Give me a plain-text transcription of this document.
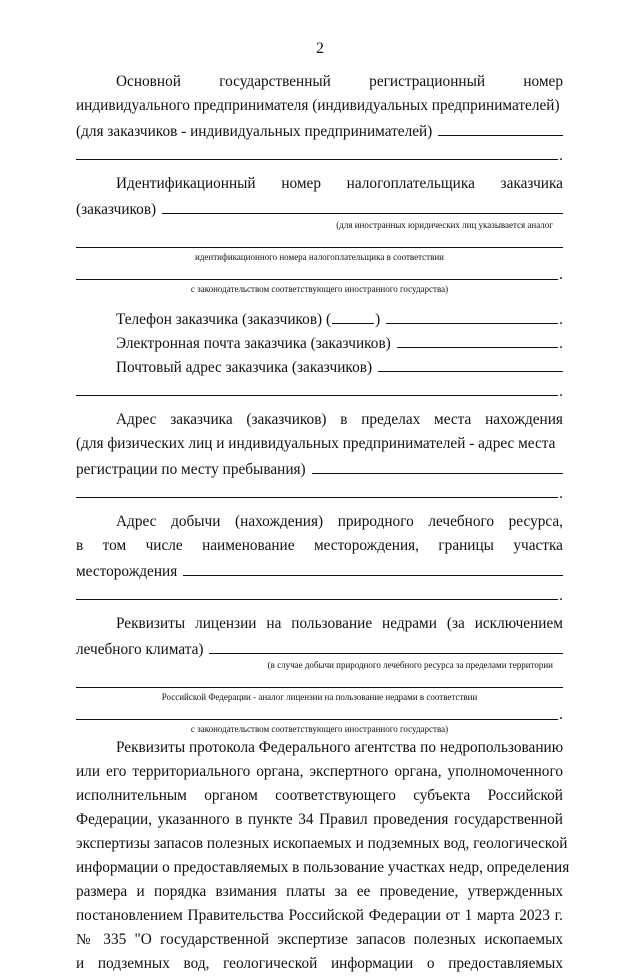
2
Основной	государственный	регистрационный	номер
индивидуального предпринимателя (индивидуальных предпринимателей)
(для заказчиков - индивидуальных предпринимателей)
.
Идентификационный номер налогоплательщика заказчика
(заказчиков)
(для иностранных юридических лиц указывается аналог
идентификационного номера налогоплательщика в соответствии
.
с законодательством соответствующего иностранного государства)
Телефон заказчика (заказчиков) (	)	.
Электронная почта заказчика (заказчиков)	.
Почтовый адрес заказчика (заказчиков)
.
Адрес заказчика (заказчиков) в пределах места нахождения
(для физических лиц и индивидуальных предпринимателей - адрес места
регистрации по месту пребывания)
.
Адрес добычи (нахождения) природного лечебного ресурса,
в том числе наименование месторождения, границы участка
месторождения
.
Реквизиты лицензии на пользование недрами (за исключением
лечебного климата)
(в случае добычи природного лечебного ресурса за пределами территории
Российской Федерации - аналог лицензии на пользование недрами в соответствии
.
с законодательством соответствующего иностранного государства)
Реквизиты протокола Федерального агентства по недропользованию
или его территориального органа, экспертного органа, уполномоченного
исполнительным органом соответствующего субъекта Российской
Федерации, указанного в пункте 34 Правил проведения государственной
экспертизы запасов полезных ископаемых и подземных вод, геологической
информации о предоставляемых в пользование участках недр, определения
размера и порядка взимания платы за ее проведение, утвержденных
постановлением Правительства Российской Федерации от 1 марта 2023 г.
№ 335 "О государственной экспертизе запасов полезных ископаемых
и подземных вод, геологической информации о предоставляемых
